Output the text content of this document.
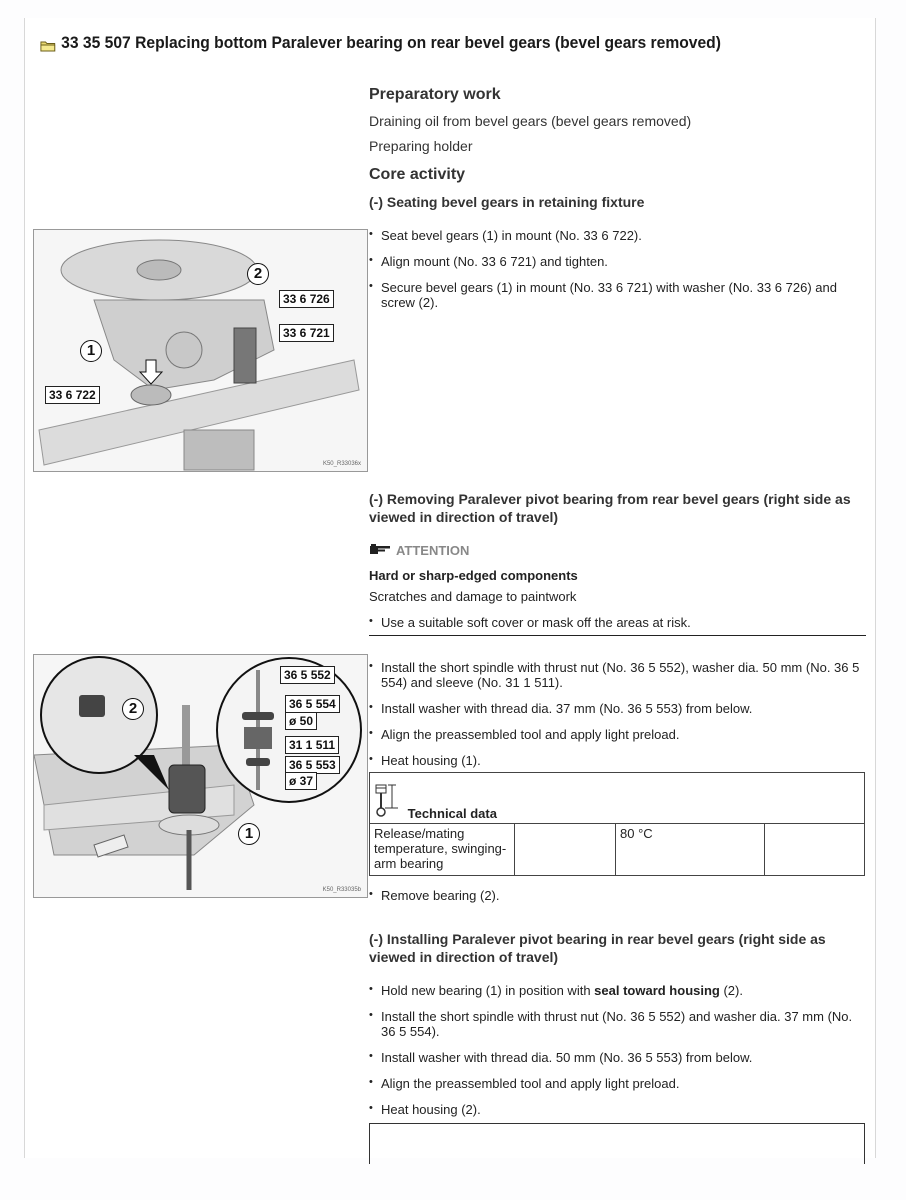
33 35 507 Replacing bottom Paralever bearing on rear bevel gears (bevel gears removed)
Preparatory work
Draining oil from bevel gears (bevel gears removed)
Preparing holder
Core activity
(-) Seating bevel gears in retaining fixture
• Seat bevel gears (1) in mount (No. 33 6 722).
• Align mount (No. 33 6 721) and tighten.
• Secure bevel gears (1) in mount (No. 33 6 721) with washer (No. 33 6 726) and screw (2).
2
1
33 6 726
33 6 721
33 6 722
K50_R33036x
(-) Removing Paralever pivot bearing from rear bevel gears (right side as viewed in direction of travel)
ATTENTION
Hard or sharp-edged components
Scratches and damage to paintwork
• Use a suitable soft cover or mask off the areas at risk.
• Install the short spindle with thrust nut (No. 36 5 552), washer dia. 50 mm (No. 36 5 554) and sleeve (No. 31 1 511).
• Install washer with thread dia. 37 mm (No. 36 5 553) from below.
• Align the preassembled tool and apply light preload.
• Heat housing (1).
Technical data
Release/mating temperature, swinging-arm bearing		80 °C	
• Remove bearing (2).
2
1
36 5 552
36 5 554
ø 50
31 1 511
36 5 553
ø 37
K50_R33035b
(-) Installing Paralever pivot bearing in rear bevel gears (right side as viewed in direction of travel)
• Hold new bearing (1) in position with seal toward housing (2).
• Install the short spindle with thrust nut (No. 36 5 552) and washer dia. 37 mm (No. 36 5 554).
• Install washer with thread dia. 50 mm (No. 36 5 553) from below.
• Align the preassembled tool and apply light preload.
• Heat housing (2).
